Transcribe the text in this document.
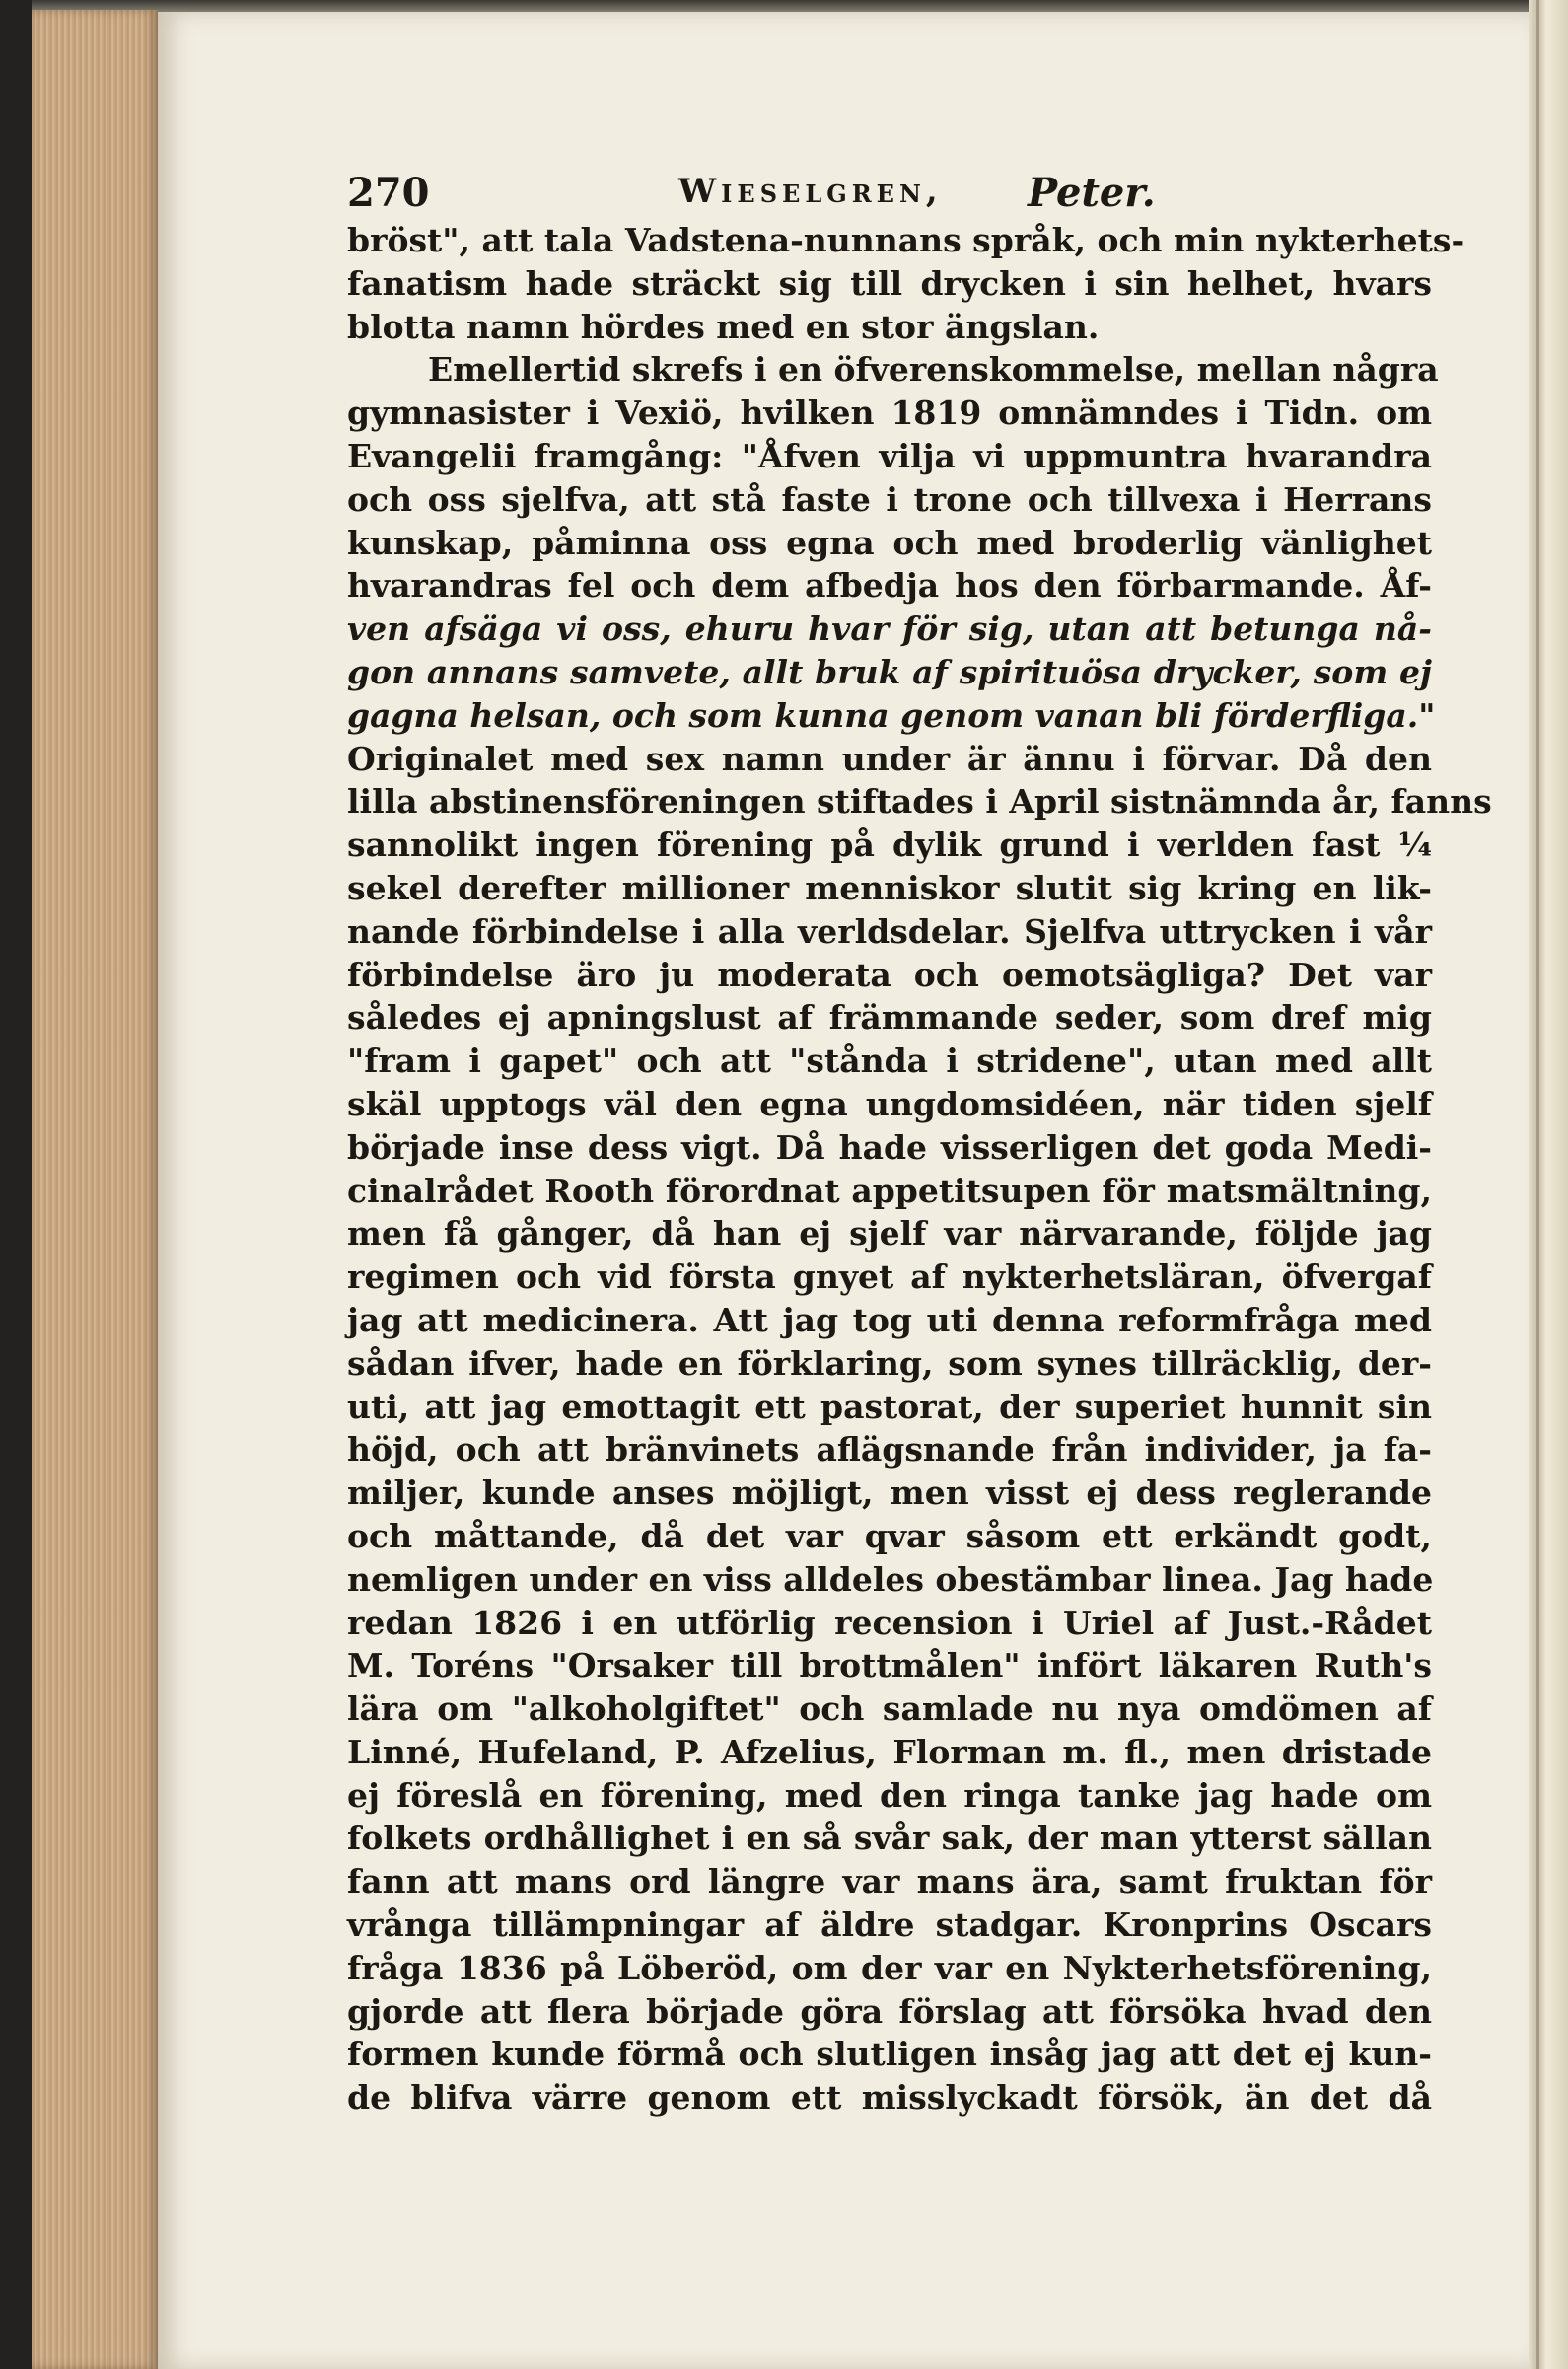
270	Wieselgren, Peter.
bröst", att tala Vadstena-nunnans språk, och min nykterhets-
fanatism hade sträckt sig till drycken i sin helhet, hvars
blotta namn hördes med en stor ängslan.
Emellertid skrefs i en öfverenskommelse, mellan några
gymnasister i Vexiö, hvilken 1819 omnämndes i Tidn. om
Evangelii framgång: "Åfven vilja vi uppmuntra hvarandra
och oss sjelfva, att stå faste i trone och tillvexa i Herrans
kunskap, påminna oss egna och med broderlig vänlighet
hvarandras fel och dem afbedja hos den förbarmande. Åf-
ven afsäga vi oss, ehuru hvar för sig, utan att betunga nå-
gon annans samvete, allt bruk af spirituösa drycker, som ej
gagna helsan, och som kunna genom vanan bli förderfliga."
Originalet med sex namn under är ännu i förvar. Då den
lilla abstinensföreningen stiftades i April sistnämnda år, fanns
sannolikt ingen förening på dylik grund i verlden fast ¼
sekel derefter millioner menniskor slutit sig kring en lik-
nande förbindelse i alla verldsdelar. Sjelfva uttrycken i vår
förbindelse äro ju moderata och oemotsägliga? Det var
således ej apningslust af främmande seder, som dref mig
"fram i gapet" och att "stånda i stridene", utan med allt
skäl upptogs väl den egna ungdomsidéen, när tiden sjelf
började inse dess vigt. Då hade visserligen det goda Medi-
cinalrådet Rooth förordnat appetitsupen för matsmältning,
men få gånger, då han ej sjelf var närvarande, följde jag
regimen och vid första gnyet af nykterhetsläran, öfvergaf
jag att medicinera. Att jag tog uti denna reformfråga med
sådan ifver, hade en förklaring, som synes tillräcklig, der-
uti, att jag emottagit ett pastorat, der superiet hunnit sin
höjd, och att bränvinets aflägsnande från individer, ja fa-
miljer, kunde anses möjligt, men visst ej dess reglerande
och måttande, då det var qvar såsom ett erkändt godt,
nemligen under en viss alldeles obestämbar linea. Jag hade
redan 1826 i en utförlig recension i Uriel af Just.-Rådet
M. Toréns "Orsaker till brottmålen" infört läkaren Ruth's
lära om "alkoholgiftet" och samlade nu nya omdömen af
Linné, Hufeland, P. Afzelius, Florman m. fl., men dristade
ej föreslå en förening, med den ringa tanke jag hade om
folkets ordhållighet i en så svår sak, der man ytterst sällan
fann att mans ord längre var mans ära, samt fruktan för
vrånga tillämpningar af äldre stadgar. Kronprins Oscars
fråga 1836 på Löberöd, om der var en Nykterhetsförening,
gjorde att flera började göra förslag att försöka hvad den
formen kunde förmå och slutligen insåg jag att det ej kun-
de blifva värre genom ett misslyckadt försök, än det då
